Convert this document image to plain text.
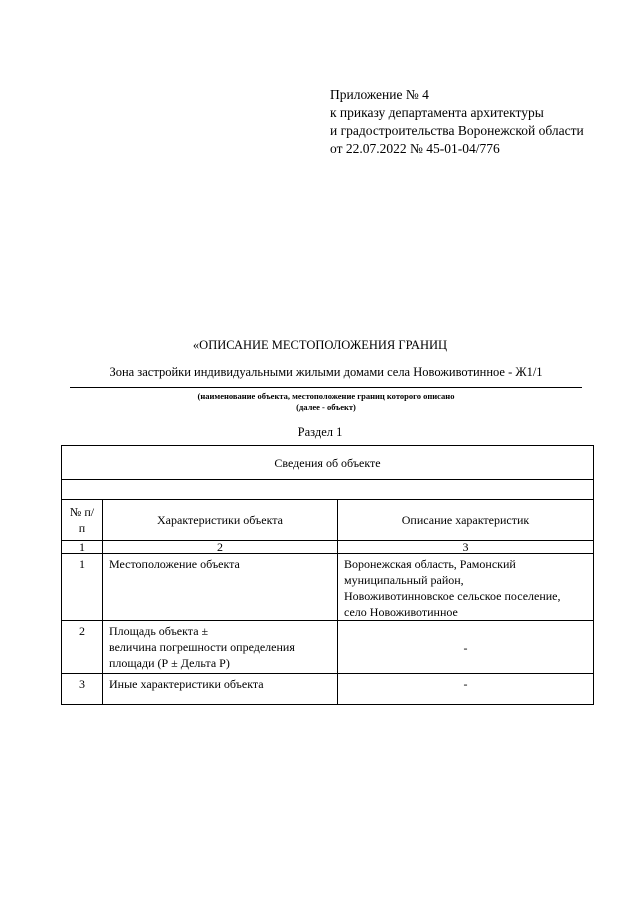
Приложение № 4
к приказу департамента архитектуры
и градостроительства Воронежской области
от 22.07.2022 № 45-01-04/776
«ОПИСАНИЕ МЕСТОПОЛОЖЕНИЯ ГРАНИЦ
Зона застройки индивидуальными жилыми домами села Новоживотинное - Ж1/1
(наименование объекта, местоположение границ которого описано
(далее - объект)
Раздел 1
Сведения об объекте		

№ п/п	Характеристики объекта	Описание характеристик
1	2	3
1	Местоположение объекта	Воронежская область, Рамонский
муниципальный район,
Новоживотинновское сельское поселение,
село Новоживотинное

2	Площадь объекта ±
величина погрешности определения
площади (Р ± Дельта Р)	-
3	Иные характеристики объекта	-
